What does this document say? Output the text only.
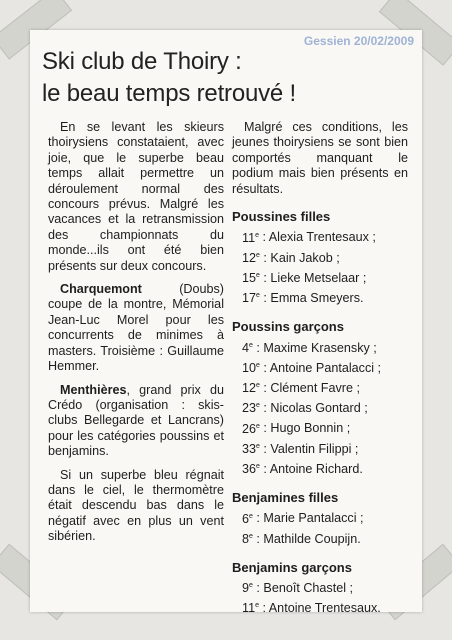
Gessien 20/02/2009
Ski club de Thoiry :
le beau temps retrouvé !

En se levant les skieurs thoirysiens constataient, avec joie, que le superbe beau temps allait permettre un déroulement normal des concours prévus. Malgré les vacances et la retransmission des championnats du monde...ils ont été bien présents sur deux concours.

Charquemont (Doubs) coupe de la montre, Mémorial Jean-Luc Morel pour les concurrents de minimes à masters. Troisième : Guillaume Hemmer.

Menthières, grand prix du Crédo (organisation : skis-clubs Bellegarde et Lancrans) pour les catégories poussins et benjamins.

Si un superbe bleu régnait dans le ciel, le thermomètre était descendu bas dans le négatif avec en plus un vent sibérien.

Malgré ces conditions, les jeunes thoirysiens se sont bien comportés manquant le podium mais bien présents en résultats.

Poussines filles
11e : Alexia Trentesaux ;
12e : Kain Jakob ;
15e : Lieke Metselaar ;
17e : Emma Smeyers.
Poussins garçons
4e : Maxime Krasensky ;
10e : Antoine Pantalacci ;
12e : Clément Favre ;
23e : Nicolas Gontard ;
26e : Hugo Bonnin ;
33e : Valentin Filippi ;
36e : Antoine Richard.
Benjamines filles
6e : Marie Pantalacci ;
8e : Mathilde Coupijn.
Benjamins garçons
9e : Benoît Chastel ;
11e : Antoine Trentesaux.
